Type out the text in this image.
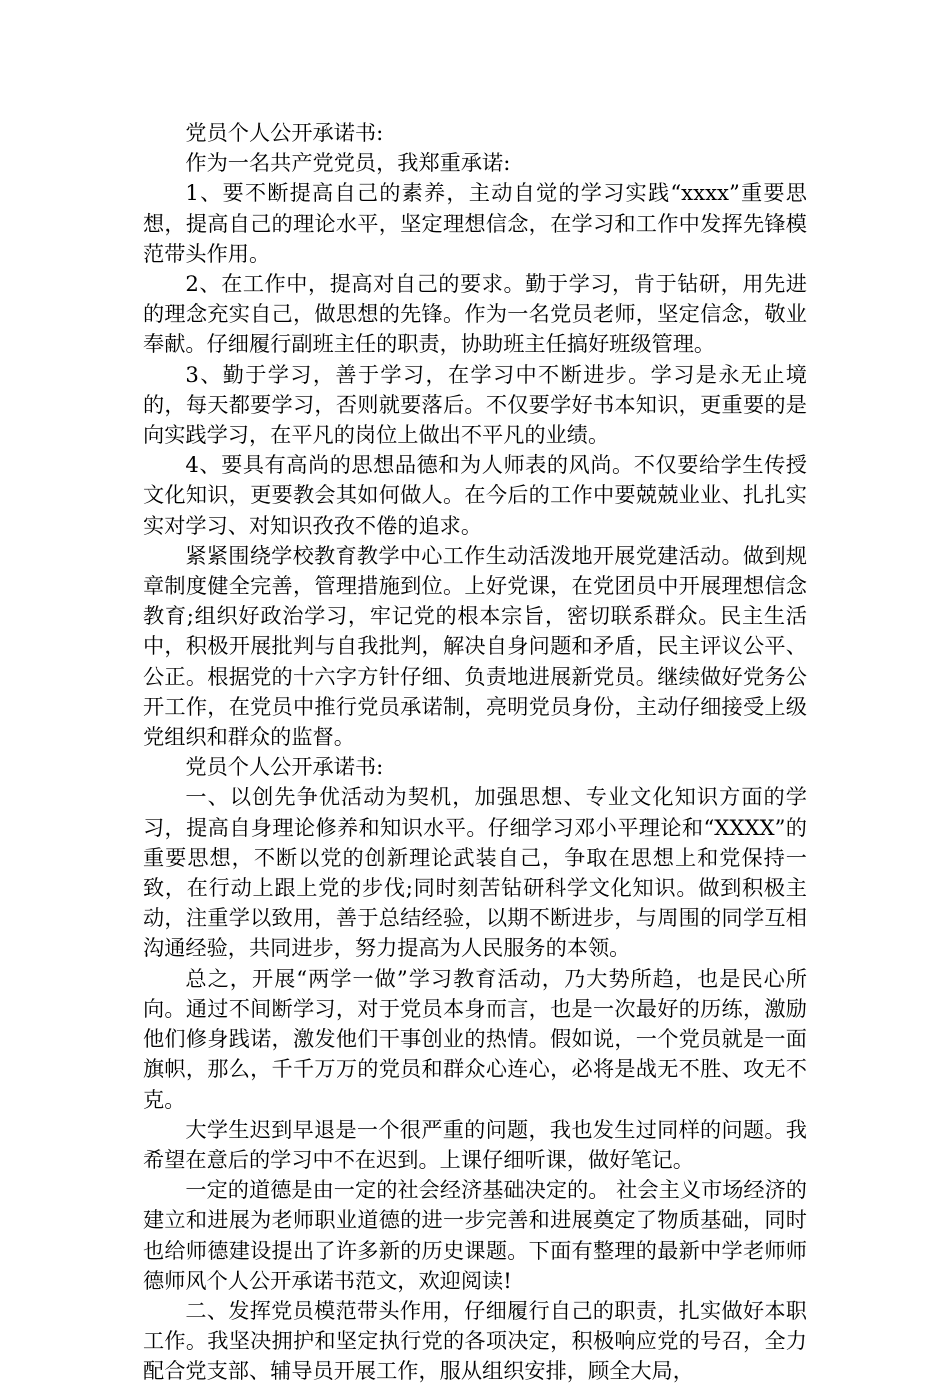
党员个人公开承诺书:

作为一名共产党党员，我郑重承诺:

1、要不断提高自己的素养，主动自觉的学习实践“xxxx”重要思想，提高自己的理论水平，坚定理想信念，在学习和工作中发挥先锋模范带头作用。

2、在工作中，提高对自己的要求。勤于学习，肯于钻研，用先进的理念充实自己，做思想的先锋。作为一名党员老师，坚定信念，敬业奉献。仔细履行副班主任的职责，协助班主任搞好班级管理。

3、勤于学习，善于学习，在学习中不断进步。学习是永无止境的，每天都要学习，否则就要落后。不仅要学好书本知识，更重要的是向实践学习，在平凡的岗位上做出不平凡的业绩。

4、要具有高尚的思想品德和为人师表的风尚。不仅要给学生传授文化知识，更要教会其如何做人。在今后的工作中要兢兢业业、扎扎实实对学习、对知识孜孜不倦的追求。

紧紧围绕学校教育教学中心工作生动活泼地开展党建活动。做到规章制度健全完善，管理措施到位。上好党课，在党团员中开展理想信念教育;组织好政治学习，牢记党的根本宗旨，密切联系群众。民主生活中，积极开展批判与自我批判，解决自身问题和矛盾，民主评议公平、公正。根据党的十六字方针仔细、负责地进展新党员。继续做好党务公开工作，在党员中推行党员承诺制，亮明党员身份，主动仔细接受上级党组织和群众的监督。

党员个人公开承诺书:

一、以创先争优活动为契机，加强思想、专业文化知识方面的学习，提高自身理论修养和知识水平。仔细学习邓小平理论和“XXXX”的重要思想，不断以党的创新理论武装自己，争取在思想上和党保持一致，在行动上跟上党的步伐;同时刻苦钻研科学文化知识。做到积极主动，注重学以致用，善于总结经验，以期不断进步，与周围的同学互相沟通经验，共同进步，努力提高为人民服务的本领。

总之，开展“两学一做”学习教育活动，乃大势所趋，也是民心所向。通过不间断学习，对于党员本身而言，也是一次最好的历练，激励他们修身践诺，激发他们干事创业的热情。假如说，一个党员就是一面旗帜，那么，千千万万的党员和群众心连心，必将是战无不胜、攻无不克。

大学生迟到早退是一个很严重的问题，我也发生过同样的问题。我希望在意后的学习中不在迟到。上课仔细听课，做好笔记。

一定的道德是由一定的社会经济基础决定的。 社会主义市场经济的建立和进展为老师职业道德的进一步完善和进展奠定了物质基础，同时也给师德建设提出了许多新的历史课题。下面有整理的最新中学老师师德师风个人公开承诺书范文，欢迎阅读!

二、发挥党员模范带头作用，仔细履行自己的职责，扎实做好本职工作。我坚决拥护和坚定执行党的各项决定，积极响应党的号召，全力配合党支部、辅导员开展工作，服从组织安排，顾全大局，
